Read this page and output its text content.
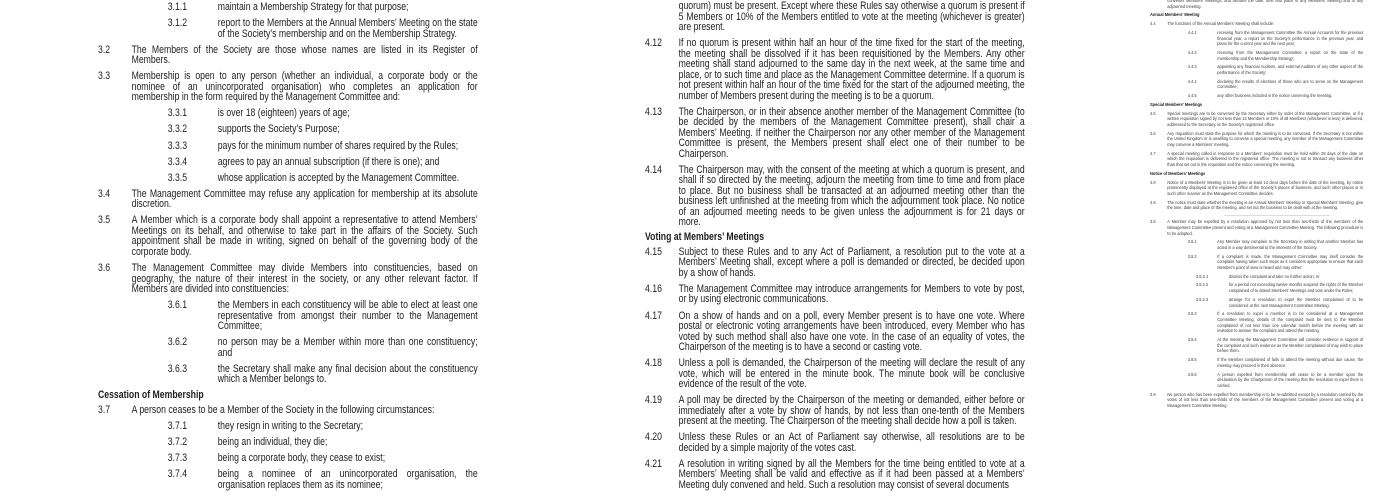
3.1.1	maintain a Membership Strategy for that purpose;

3.1.2	report to the Members at the Annual Members’ Meeting on the state of the Society’s membership and on the Membership Strategy.

3.2 The Members of the Society are those whose names are listed in its Register of Members.

3.3 Membership is open to any person (whether an individual, a corporate body or the nominee of an unincorporated organisation) who completes an application for membership in the form required by the Management Committee and:

3.3.1	is over 18 (eighteen) years of age;

3.3.2	supports the Society’s Purpose;

3.3.3	pays for the minimum number of shares required by the Rules;

3.3.4	agrees to pay an annual subscription (if there is one); and

3.3.5	whose application is accepted by the Management Committee.

3.4 The Management Committee may refuse any application for membership at its absolute discretion.

3.5 A Member which is a corporate body shall appoint a representative to attend Members’ Meetings on its behalf, and otherwise to take part in the affairs of the Society. Such appointment shall be made in writing, signed on behalf of the governing body of the corporate body.

3.6 The Management Committee may divide Members into constituencies, based on geography, the nature of their interest in the society, or any other relevant factor. If Members are divided into constituencies:

3.6.1	the Members in each constituency will be able to elect at least one representative from amongst their number to the Management Committee;

3.6.2	no person may be a Member within more than one constituency; and

3.6.3	the Secretary shall make any final decision about the constituency which a Member belongs to.

Cessation of Membership

3.7 A person ceases to be a Member of the Society in the following circumstances:

3.7.1	they resign in writing to the Secretary;

3.7.2	being an individual, they die;

3.7.3	being a corporate body, they cease to exist;

3.7.4	being a nominee of an unincorporated organisation, the organisation replaces them as its nominee;

quorum) must be present. Except where these Rules say otherwise a quorum is present if 5 Members or 10% of the Members entitled to vote at the meeting (whichever is greater) are present.

4.12 If no quorum is present within half an hour of the time fixed for the start of the meeting, the meeting shall be dissolved if it has been requisitioned by the Members. Any other meeting shall stand adjourned to the same day in the next week, at the same time and place, or to such time and place as the Management Committee determine. If a quorum is not present within half an hour of the time fixed for the start of the adjourned meeting, the number of Members present during the meeting is to be a quorum.

4.13 The Chairperson, or in their absence another member of the Management Committee (to be decided by the members of the Management Committee present), shall chair a Members’ Meeting. If neither the Chairperson nor any other member of the Management Committee is present, the Members present shall elect one of their number to be Chairperson.

4.14 The Chairperson may, with the consent of the meeting at which a quorum is present, and shall if so directed by the meeting, adjourn the meeting from time to time and from place to place. But no business shall be transacted at an adjourned meeting other than the business left unfinished at the meeting from which the adjournment took place. No notice of an adjourned meeting needs to be given unless the adjournment is for 21 days or more.

Voting at Members’ Meetings

4.15 Subject to these Rules and to any Act of Parliament, a resolution put to the vote at a Members’ Meeting shall, except where a poll is demanded or directed, be decided upon by a show of hands.

4.16 The Management Committee may introduce arrangements for Members to vote by post, or by using electronic communications.

4.17 On a show of hands and on a poll, every Member present is to have one vote. Where postal or electronic voting arrangements have been introduced, every Member who has voted by such method shall also have one vote. In the case of an equality of votes, the Chairperson of the meeting is to have a second or casting vote.

4.18 Unless a poll is demanded, the Chairperson of the meeting will declare the result of any vote, which will be entered in the minute book. The minute book will be conclusive evidence of the result of the vote.

4.19 A poll may be directed by the Chairperson of the meeting or demanded, either before or immediately after a vote by show of hands, by not less than one-tenth of the Members present at the meeting. The Chairperson of the meeting shall decide how a poll is taken.

4.20 Unless these Rules or an Act of Parliament say otherwise, all resolutions are to be decided by a simple majority of the votes cast.

4.21 A resolution in writing signed by all the Members for the time being entitled to vote at a Members’ Meeting shall be valid and effective as if it had been passed at a Members’ Meeting duly convened and held. Such a resolution may consist of several documents

convenes Members’ Meetings, and decides the date, time and place of any Members’ Meeting and of any adjourned meeting.

Annual Members’ Meeting

4.4 The functions of the Annual Members’ Meeting shall include:

4.4.1	receiving from the Management Committee the Annual Accounts for the previous financial year, a report on the Society’s performance in the previous year, and plans for the current year and the next year;

4.4.2	receiving from the Management Committee a report on the state of the membership and the Membership Strategy;

4.4.3	appointing any financial Auditors, and external Auditors of any other aspect of the performance of the Society;

4.4.4	declaring the results of elections of those who are to serve on the Management Committee;

4.4.5	any other business included in the notice convening the meeting.

Special Members’ Meetings

4.5 Special meetings are to be convened by the Secretary either by order of the Management Committee, or if a written requisition signed by not less than 12 Members or 10% of all Members (whichever is less) is delivered, addressed to the Secretary, at the Society’s registered office.

4.6 Any requisition must state the purpose for which the meeting is to be convened. If the Secretary is not within the United Kingdom or is unwilling to convene a special meeting, any member of the Management Committee may convene a Members’ meeting.

4.7 A special meeting called in response to a Members’ requisition must be held within 28 days of the date on which the requisition is delivered to the registered office. The meeting is not to transact any business other than that set out in the requisition and the notice convening the meeting.

Notice of Members’ Meetings

4.8 Notice of a Members’ Meeting is to be given at least 14 clear days before the date of the meeting, by notice prominently displayed at the registered office of the Society’s places of business, and such other places or in such other manner as the Management Committee decides.

4.9 The notice must state whether the meeting is an Annual Members’ Meeting or Special Members’ Meeting, give the time, date and place of the meeting, and set out the business to be dealt with at the meeting.

3.8 A Member may be expelled by a resolution approved by not less than two-thirds of the members of the Management Committee present and voting at a Management Committee Meeting. The following procedure is to be adopted.

3.8.1	Any Member may complain to the Secretary in writing that another Member has acted in a way detrimental to the interests of the Society.

3.8.2	If a complaint is made, the Management Committee may itself consider the complaint having taken such steps as it considers appropriate to ensure that each Member’s point of view is heard and may either:

3.8.2.1	dismiss the complaint and take no further action; or

3.8.2.2	for a period not exceeding twelve months suspend the rights of the Member complained of to attend Members’ Meetings and vote under the Rules;

3.8.2.3	arrange for a resolution to expel the Member complained of to be considered at the next Management Committee Meeting.

3.8.3	If a resolution to expel a member is to be considered at a Management Committee Meeting, details of the complaint must be sent to the Member complained of not less than one calendar month before the meeting with an invitation to answer the complaint and attend the meeting.

3.8.4	At the meeting the Management Committee will consider evidence in support of the complaint and such evidence as the Member complained of may wish to place before them.

3.8.5	If the Member complained of fails to attend the meeting without due cause, the meeting may proceed in their absence.

3.8.6	A person expelled from membership will cease to be a member upon the declaration by the Chairperson of the meeting that the resolution to expel them is carried.

3.9 No person who has been expelled from membership is to be re-admitted except by a resolution carried by the votes of not less than two-thirds of the members of the Management Committee present and voting at a Management Committee Meeting.
